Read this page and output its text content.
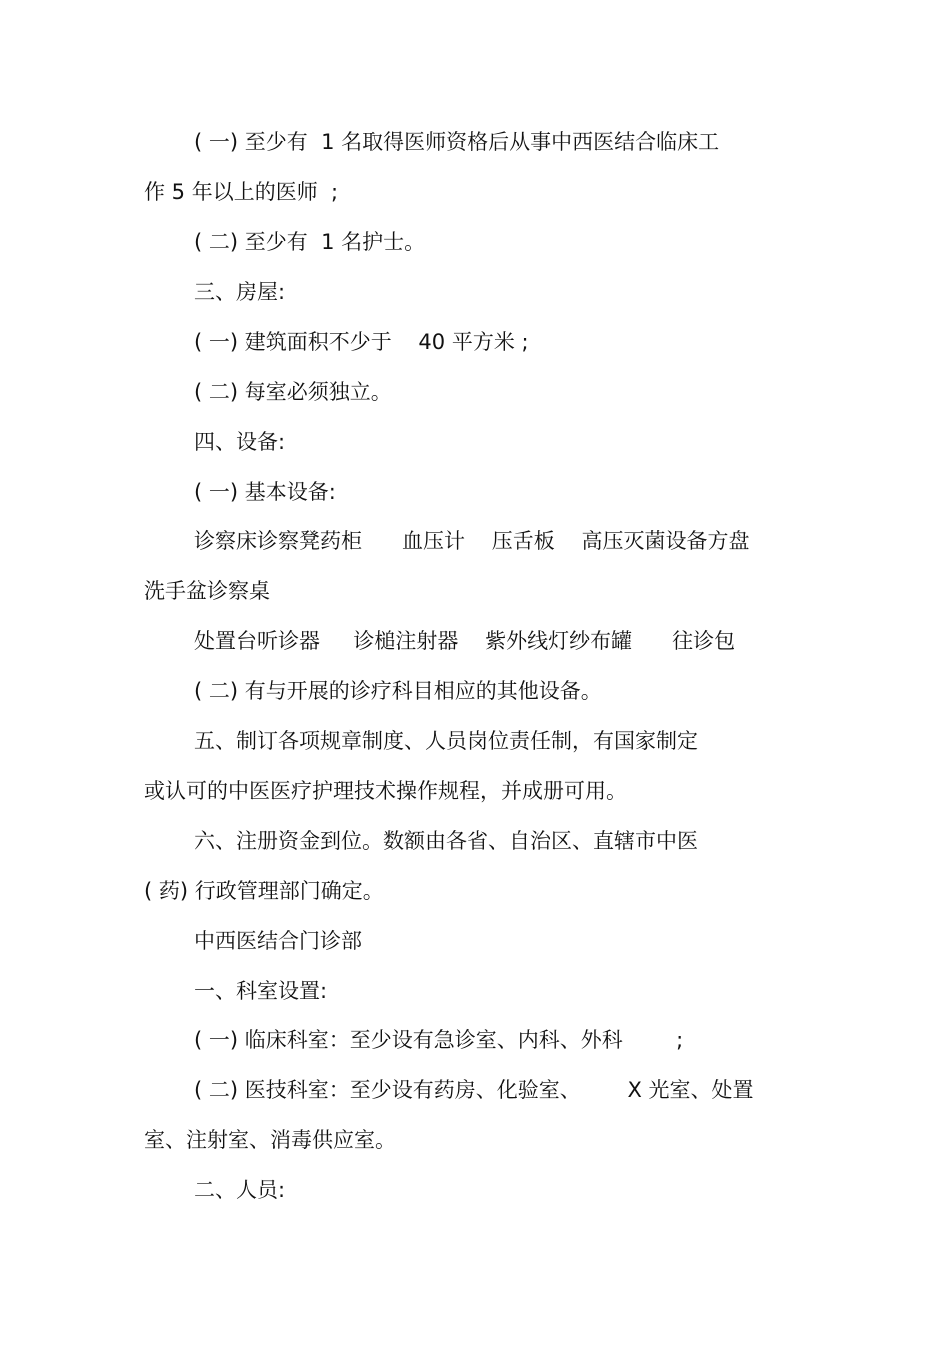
( 一) 至少有  1 名取得医师资格后从事中西医结合临床工
作 5 年以上的医师  ;
( 二) 至少有  1 名护士。
三、房屋:
( 一) 建筑面积不少于    40 平方米 ;
( 二) 每室必须独立。
四、设备:
( 一) 基本设备:
诊察床诊察凳药柜      血压计    压舌板    高压灭菌设备方盘
洗手盆诊察桌
处置台听诊器     诊槌注射器    紫外线灯纱布罐      往诊包
( 二) 有与开展的诊疗科目相应的其他设备。
五、制订各项规章制度、人员岗位责任制，有国家制定
或认可的中医医疗护理技术操作规程，并成册可用。
六、注册资金到位。数额由各省、自治区、直辖市中医
( 药) 行政管理部门确定。
中西医结合门诊部
一、科室设置:
( 一) 临床科室：至少设有急诊室、内科、外科        ;
( 二) 医技科室：至少设有药房、化验室、       X 光室、处置
室、注射室、消毒供应室。
二、人员:
